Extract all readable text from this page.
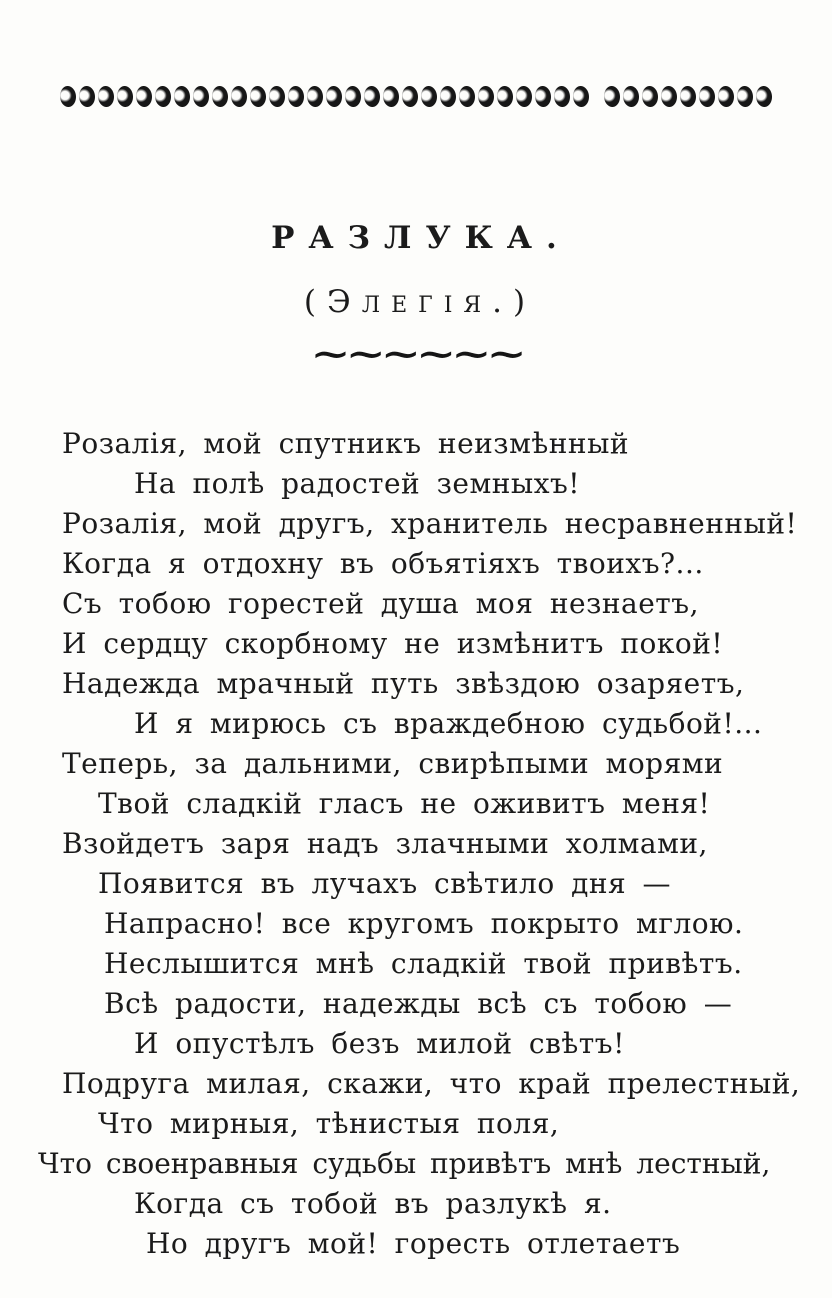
РАЗЛУКА.
(Элегія.)
~~~~~~
Розалія, мой спутникъ неизмѣнный
На полѣ радостей земныхъ!
Розалія, мой другъ, хранитель несравненный!
Когда я отдохну въ объятіяхъ твоихъ?...
Съ тобою горестей душа моя незнаетъ,
И сердцу скорбному не измѣнитъ покой!
Надежда мрачный путь звѣздою озаряетъ,
И я мирюсь съ враждебною судьбой!...
Теперь, за дальними, свирѣпыми морями
Твой сладкій гласъ не оживитъ меня!
Взойдетъ заря надъ злачными холмами,
Появится въ лучахъ свѣтило дня —
Напрасно! все кругомъ покрыто мглою.
Неслышится мнѣ сладкій твой привѣтъ.
Всѣ радости, надежды всѣ съ тобою —
И опустѣлъ безъ милой свѣтъ!
Подруга милая, скажи, что край прелестный,
Что мирныя, тѣнистыя поля,
Что своенравныя судьбы привѣтъ мнѣ лестный,
Когда съ тобой въ разлукѣ я.
Но другъ мой! горесть отлетаетъ
